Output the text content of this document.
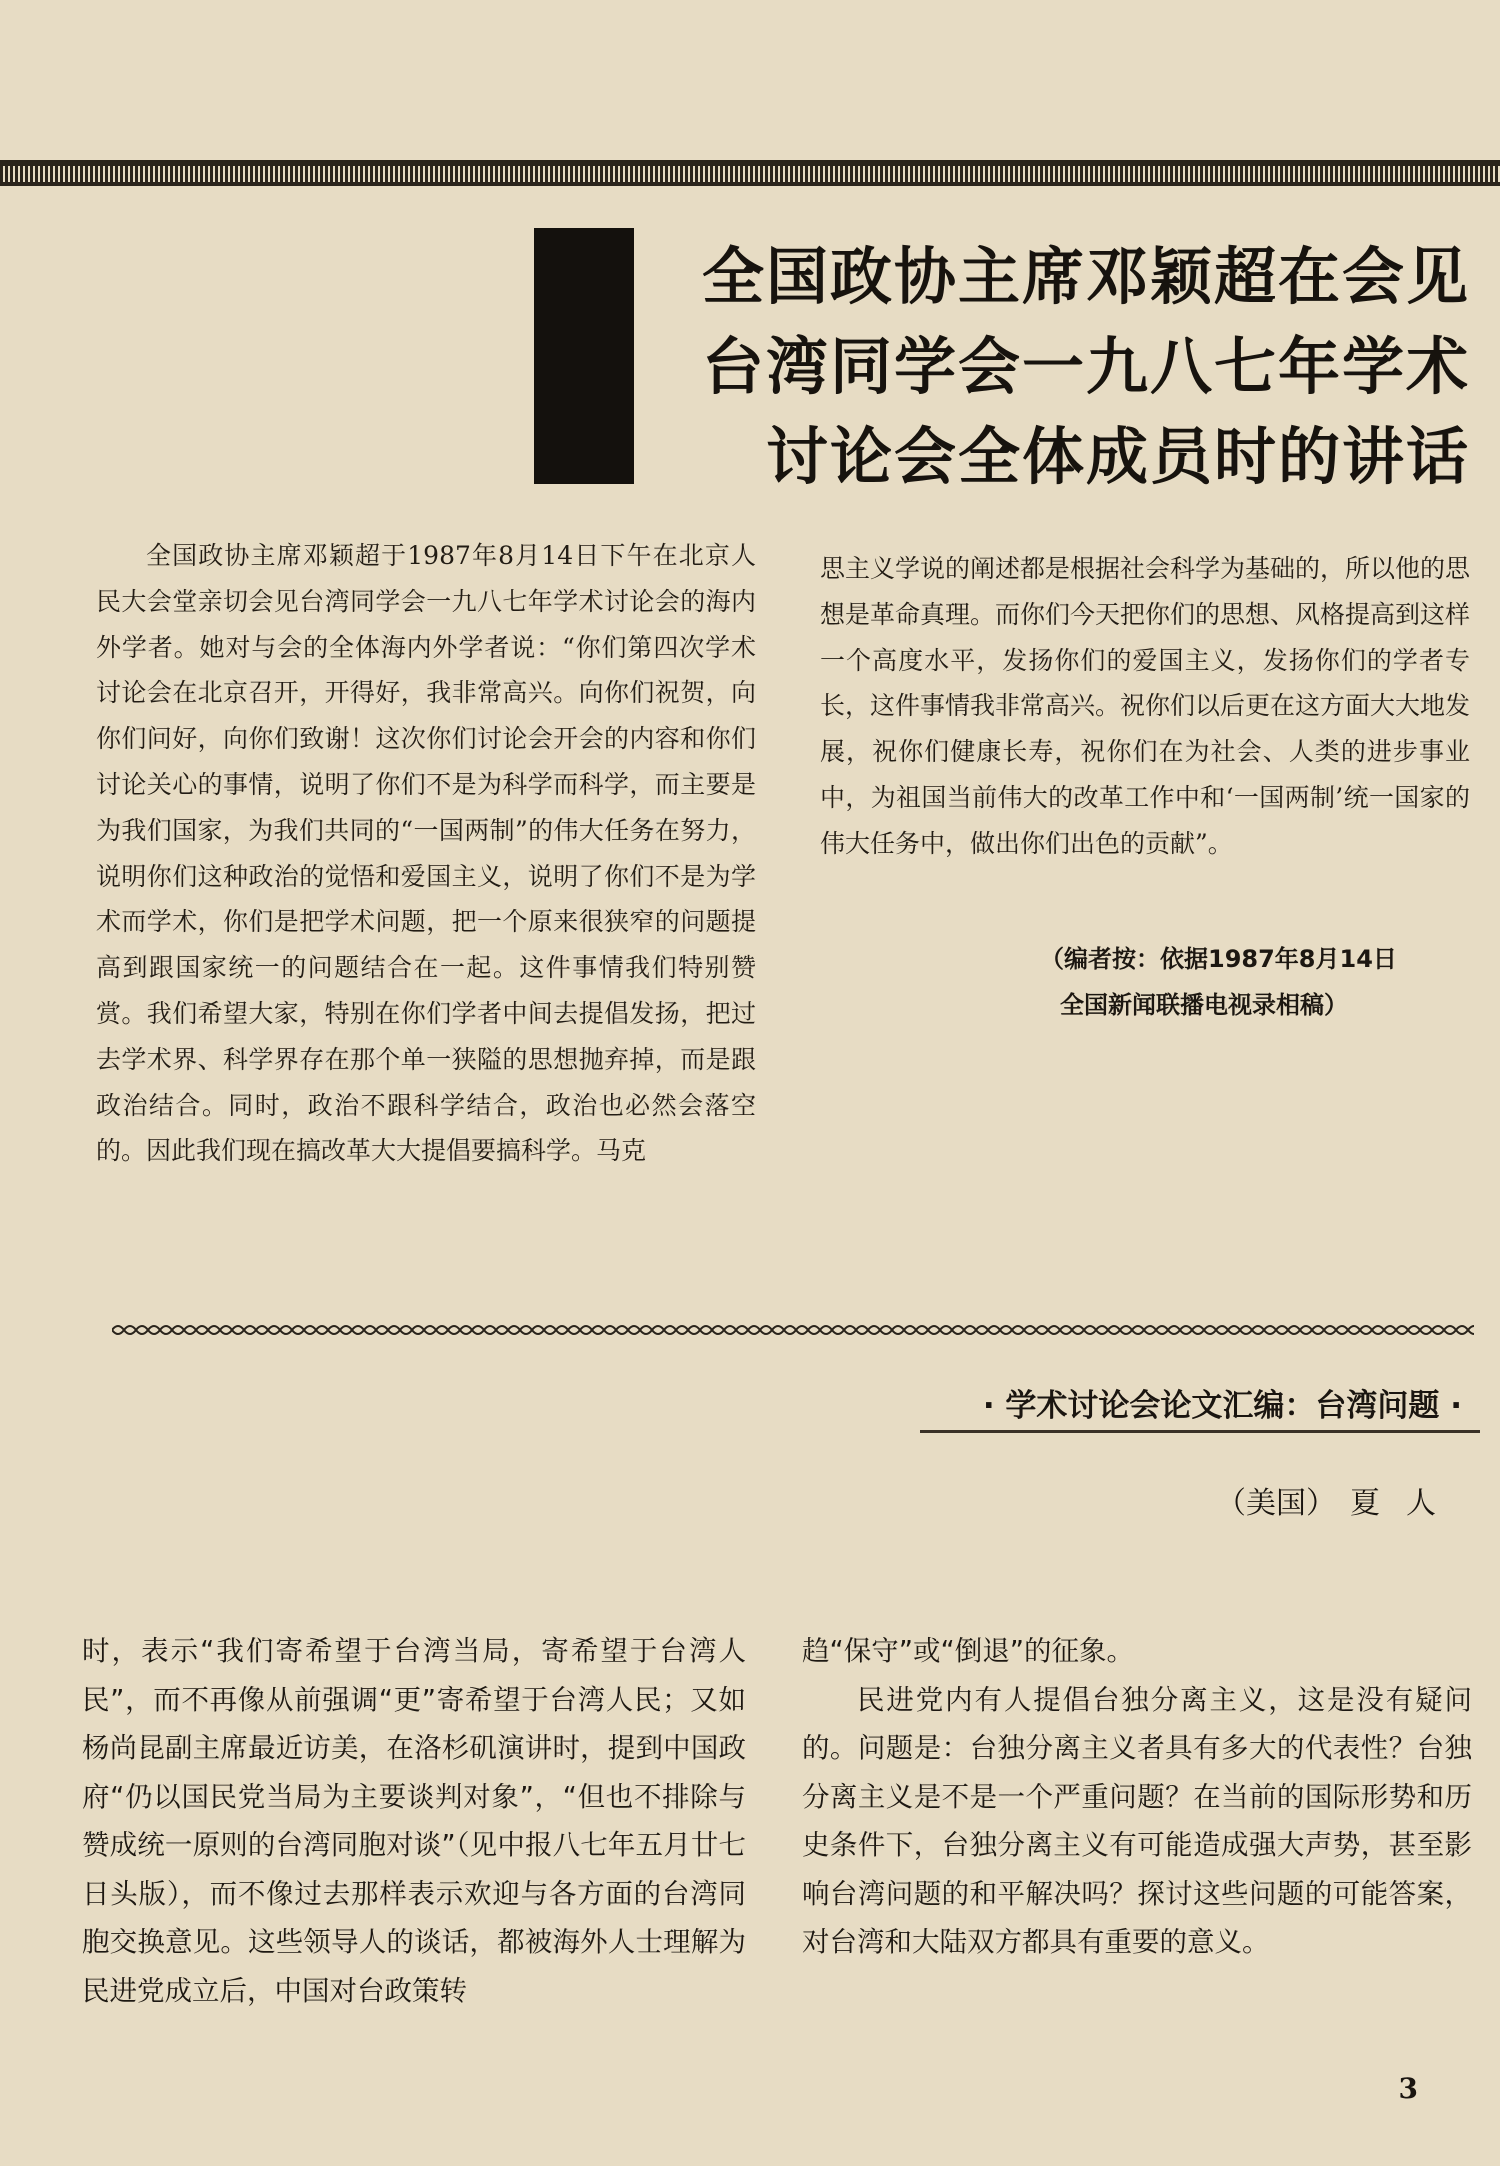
全国政协主席邓颖超在会见
台湾同学会一九八七年学术
讨论会全体成员时的讲话

全国政协主席邓颖超于1987年8月14日下午在北京人民大会堂亲切会见台湾同学会一九八七年学术讨论会的海内外学者。她对与会的全体海内外学者说：“你们第四次学术讨论会在北京召开，开得好，我非常高兴。向你们祝贺，向你们问好，向你们致谢！这次你们讨论会开会的内容和你们讨论关心的事情，说明了你们不是为科学而科学，而主要是为我们国家，为我们共同的“一国两制”的伟大任务在努力，说明你们这种政治的觉悟和爱国主义，说明了你们不是为学术而学术，你们是把学术问题，把一个原来很狭窄的问题提高到跟国家统一的问题结合在一起。这件事情我们特别赞赏。我们希望大家，特别在你们学者中间去提倡发扬，把过去学术界、科学界存在那个单一狭隘的思想抛弃掉，而是跟政治结合。同时，政治不跟科学结合，政治也必然会落空的。因此我们现在搞改革大大提倡要搞科学。马克

思主义学说的阐述都是根据社会科学为基础的，所以他的思想是革命真理。而你们今天把你们的思想、风格提高到这样一个高度水平，发扬你们的爱国主义，发扬你们的学者专长，这件事情我非常高兴。祝你们以后更在这方面大大地发展，祝你们健康长寿，祝你们在为社会、人类的进步事业中，为祖国当前伟大的改革工作中和‘一国两制’统一国家的伟大任务中，做出你们出色的贡献”。

（编者按：依据1987年8月14日
全国新闻联播电视录相稿）
· 学术讨论会论文汇编：台湾问题 ·
（美国） 夏人

时，表示“我们寄希望于台湾当局，寄希望于台湾人民”，而不再像从前强调“更”寄希望于台湾人民；又如杨尚昆副主席最近访美，在洛杉矶演讲时，提到中国政府“仍以国民党当局为主要谈判对象”，“但也不排除与赞成统一原则的台湾同胞对谈”（见中报八七年五月廿七日头版），而不像过去那样表示欢迎与各方面的台湾同胞交换意见。这些领导人的谈话，都被海外人士理解为民进党成立后，中国对台政策转

趋“保守”或“倒退”的征象。

民进党内有人提倡台独分离主义，这是没有疑问的。问题是：台独分离主义者具有多大的代表性？台独分离主义是不是一个严重问题？在当前的国际形势和历史条件下，台独分离主义有可能造成强大声势，甚至影响台湾问题的和平解决吗？探讨这些问题的可能答案，对台湾和大陆双方都具有重要的意义。

3
